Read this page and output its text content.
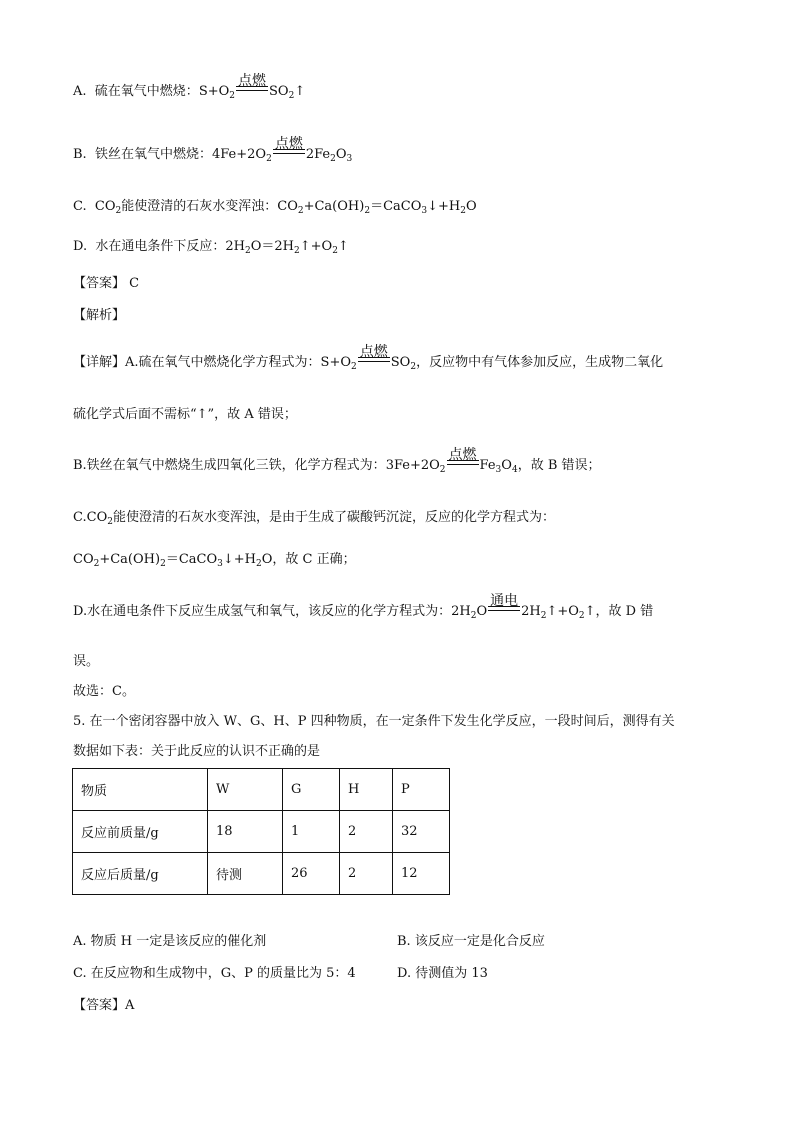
A. 硫在氧气中燃烧：$S+O_2$
点燃
$SO_2↑$
B. 铁丝在氧气中燃烧：$4Fe+2O_2$
点燃
$2Fe_2O_3$
C. $CO_2$能使澄清的石灰水变浑浊：$CO_2+Ca(OH)_2=CaCO_3↓+H_2O$
D. 水在通电条件下反应：$2H_2O=2H_2↑+O_2↑$
【答案】 C
【解析】
【详解】A.硫在氧气中燃烧化学方程式为：$S+O_2$
点燃
$SO_2$，反应物中有气体参加反应，生成物二氧化
硫化学式后面不需标“↑”，故 A 错误；
B.铁丝在氧气中燃烧生成四氧化三铁，化学方程式为：$3Fe+2O_2$
点燃
$Fe_3O_4$，故 B 错误；
$C.CO_2$能使澄清的石灰水变浑浊，是由于生成了碳酸钙沉淀，反应的化学方程式为：
$CO_2+Ca(OH)_2=CaCO_3↓+H_2O$，故 C 正确；
D.水在通电条件下反应生成氢气和氧气，该反应的化学方程式为：$2H_2O$
通电
$2H_2↑+O_2↑$，故 D 错
误。
故选：C。
5. 在一个密闭容器中放入 W、G、H、P 四种物质，在一定条件下发生化学反应，一段时间后，测得有关
数据如下表：关于此反应的认识不正确的是
物质	W	G	H	P
反应前质量/g	18	1	2	32
反应后质量/g	待测	26	2	12
A. 物质 H 一定是该反应的催化剂	B. 该反应一定是化合反应
C. 在反应物和生成物中，G、P 的质量比为 5：4	D. 待测值为 13
【答案】A
